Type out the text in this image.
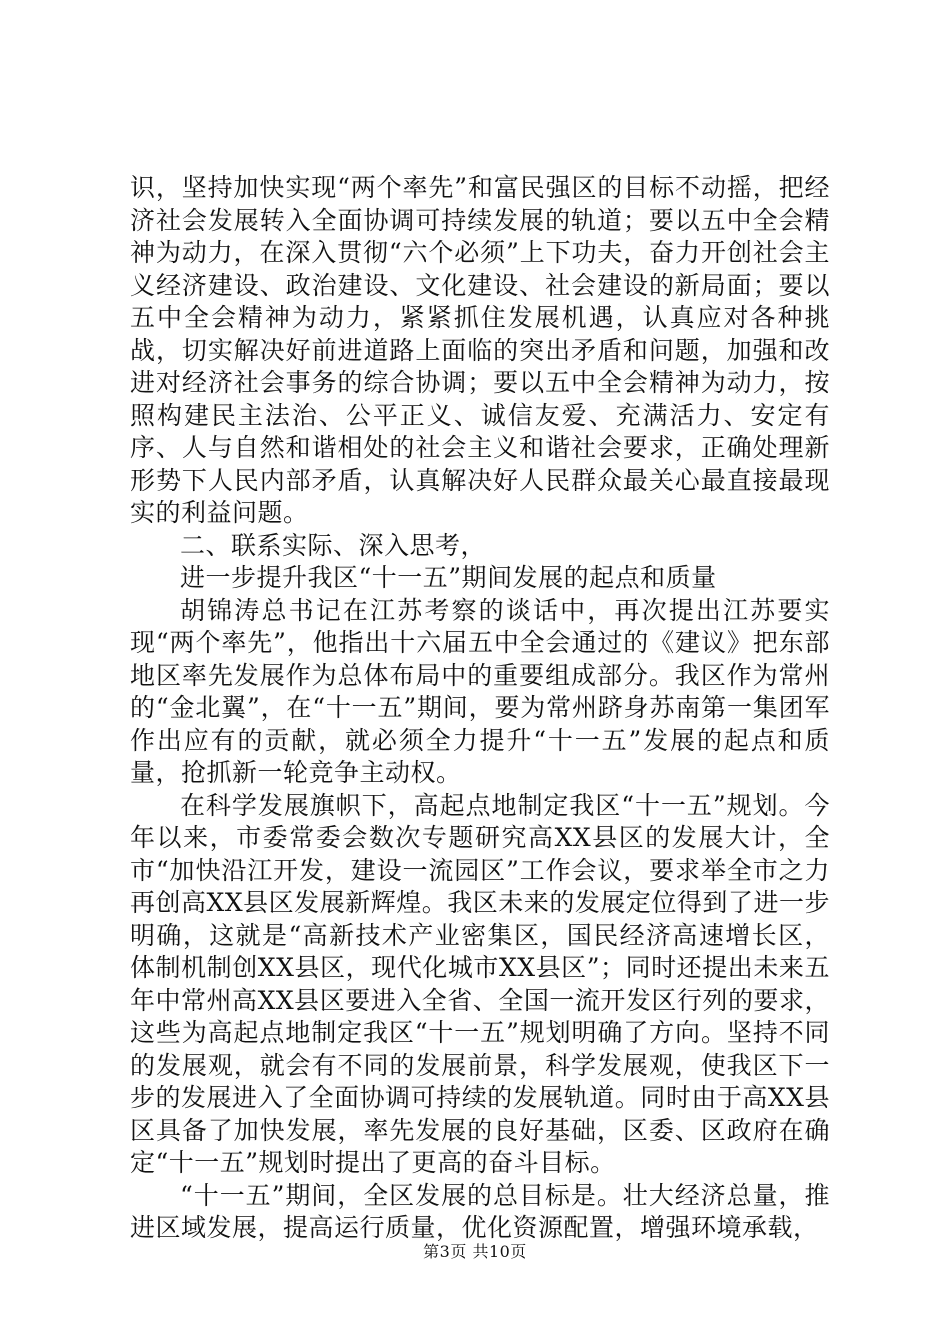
识，坚持加快实现“两个率先”和富民强区的目标不动摇，把经济社会发展转入全面协调可持续发展的轨道；要以五中全会精神为动力，在深入贯彻“六个必须”上下功夫，奋力开创社会主义经济建设、政治建设、文化建设、社会建设的新局面；要以五中全会精神为动力，紧紧抓住发展机遇，认真应对各种挑战，切实解决好前进道路上面临的突出矛盾和问题，加强和改进对经济社会事务的综合协调；要以五中全会精神为动力，按照构建民主法治、公平正义、诚信友爱、充满活力、安定有序、人与自然和谐相处的社会主义和谐社会要求，正确处理新形势下人民内部矛盾，认真解决好人民群众最关心最直接最现实的利益问题。

二、联系实际、深入思考，

进一步提升我区“十一五”期间发展的起点和质量

胡锦涛总书记在江苏考察的谈话中，再次提出江苏要实现“两个率先”，他指出十六届五中全会通过的《建议》把东部地区率先发展作为总体布局中的重要组成部分。我区作为常州的“金北翼”，在“十一五”期间，要为常州跻身苏南第一集团军作出应有的贡献，就必须全力提升“十一五”发展的起点和质量，抢抓新一轮竞争主动权。

在科学发展旗帜下，高起点地制定我区“十一五”规划。今年以来，市委常委会数次专题研究高XX县区的发展大计，全市“加快沿江开发，建设一流园区”工作会议，要求举全市之力再创高XX县区发展新辉煌。我区未来的发展定位得到了进一步明确，这就是“高新技术产业密集区，国民经济高速增长区，体制机制创XX县区，现代化城市XX县区”；同时还提出未来五年中常州高XX县区要进入全省、全国一流开发区行列的要求，这些为高起点地制定我区“十一五”规划明确了方向。坚持不同的发展观，就会有不同的发展前景，科学发展观，使我区下一步的发展进入了全面协调可持续的发展轨道。同时由于高XX县区具备了加快发展，率先发展的良好基础，区委、区政府在确定“十一五”规划时提出了更高的奋斗目标。

“十一五”期间，全区发展的总目标是。壮大经济总量，推进区域发展，提高运行质量，优化资源配置，增强环境承载，

第3页 共10页
